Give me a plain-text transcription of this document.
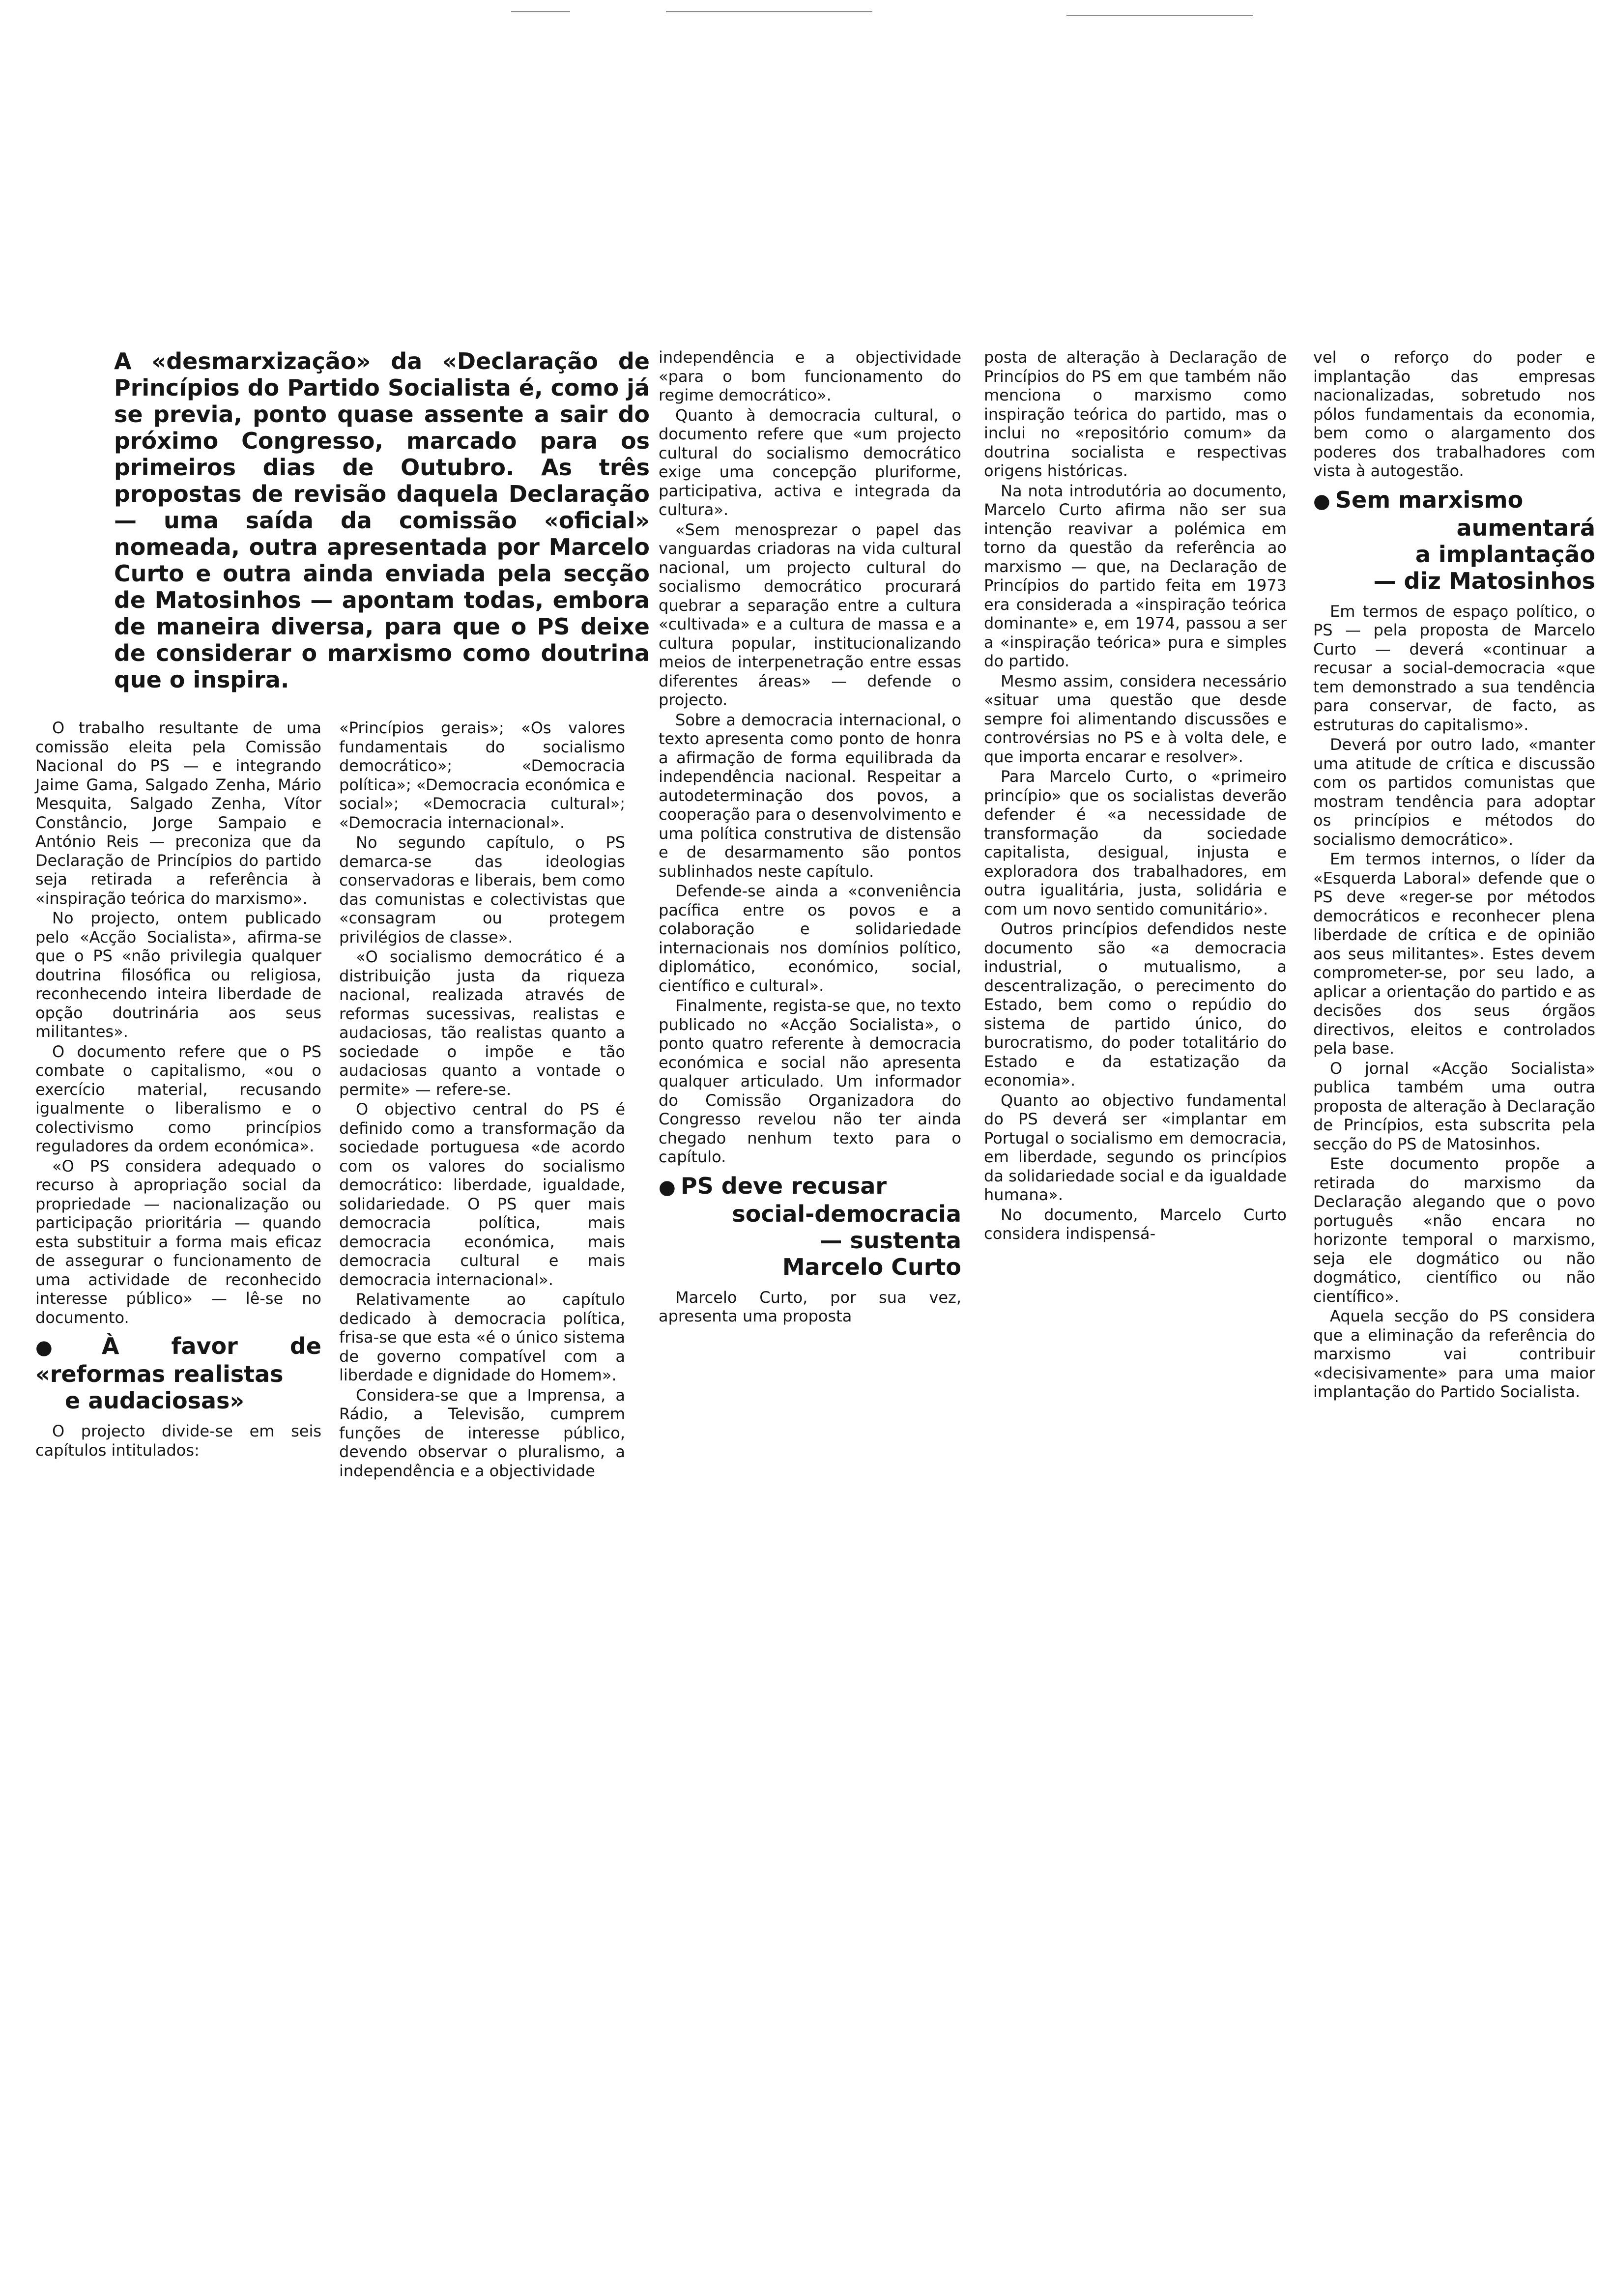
A «desmarxização» da «Declaração de Princípios do Partido Socialista é, como já se previa, ponto quase assente a sair do próximo Congresso, marcado para os primeiros dias de Outubro. As três propostas de revisão daquela Declaração — uma saída da comissão «oficial» nomeada, outra apresentada por Marcelo Curto e outra ainda enviada pela secção de Matosinhos — apontam todas, embora de maneira diversa, para que o PS deixe de considerar o marxismo como doutrina que o inspira.

O trabalho resultante de uma comissão eleita pela Comissão Nacional do PS — e integrando Jaime Gama, Salgado Zenha, Mário Mesquita, Salgado Zenha, Vítor Constâncio, Jorge Sampaio e António Reis — preconiza que da Declaração de Princípios do partido seja retirada a referência à «inspiração teórica do marxismo».

No projecto, ontem publicado pelo «Acção Socialista», afirma-se que o PS «não privilegia qualquer doutrina filosófica ou religiosa, reconhecendo inteira liberdade de opção doutrinária aos seus militantes».

O documento refere que o PS combate o capitalismo, «ou o exercício material, recusando igualmente o liberalismo e o colectivismo como princípios reguladores da ordem económica».

«O PS considera adequado o recurso à apropriação social da propriedade — nacionalização ou participação prioritária — quando esta substituir a forma mais eficaz de assegurar o funcionamento de uma actividade de reconhecido interesse público» — lê-se no documento.

● À favor de «reformas realistas
e audaciosas»

O projecto divide-se em seis capítulos intitulados:

«Princípios gerais»; «Os valores fundamentais do socialismo democrático»; «Democracia política»; «Democracia económica e social»; «Democracia cultural»; «Democracia internacional».

No segundo capítulo, o PS demarca-se das ideologias conservadoras e liberais, bem como das comunistas e colectivistas que «consagram ou protegem privilégios de classe».

«O socialismo democrático é a distribuição justa da riqueza nacional, realizada através de reformas sucessivas, realistas e audaciosas, tão realistas quanto a sociedade o impõe e tão audaciosas quanto a vontade o permite» — refere-se.

O objectivo central do PS é definido como a transformação da sociedade portuguesa «de acordo com os valores do socialismo democrático: liberdade, igualdade, solidariedade. O PS quer mais democracia política, mais democracia económica, mais democracia cultural e mais democracia internacional».

Relativamente ao capítulo dedicado à democracia política, frisa-se que esta «é o único sistema de governo compatível com a liberdade e dignidade do Homem».

Considera-se que a Imprensa, a Rádio, a Televisão, cumprem funções de interesse público, devendo observar o pluralismo, a independência e a objectividade

independência e a objectividade «para o bom funcionamento do regime democrático».

Quanto à democracia cultural, o documento refere que «um projecto cultural do socialismo democrático exige uma concepção pluriforme, participativa, activa e integrada da cultura».

«Sem menosprezar o papel das vanguardas criadoras na vida cultural nacional, um projecto cultural do socialismo democrático procurará quebrar a separação entre a cultura «cultivada» e a cultura de massa e a cultura popular, institucionalizando meios de interpenetração entre essas diferentes áreas» — defende o projecto.

Sobre a democracia internacional, o texto apresenta como ponto de honra a afirmação de forma equilibrada da independência nacional. Respeitar a autodeterminação dos povos, a cooperação para o desenvolvimento e uma política construtiva de distensão e de desarmamento são pontos sublinhados neste capítulo.

Defende-se ainda a «conveniência pacífica entre os povos e a colaboração e solidariedade internacionais nos domínios político, diplomático, económico, social, científico e cultural».

Finalmente, regista-se que, no texto publicado no «Acção Socialista», o ponto quatro referente à democracia económica e social não apresenta qualquer articulado. Um informador do Comissão Organizadora do Congresso revelou não ter ainda chegado nenhum texto para o capítulo.

● PS deve recusar
social-democracia
— sustenta
Marcelo Curto

Marcelo Curto, por sua vez, apresenta uma proposta

posta de alteração à Declaração de Princípios do PS em que também não menciona o marxismo como inspiração teórica do partido, mas o inclui no «repositório comum» da doutrina socialista e respectivas origens históricas.

Na nota introdutória ao documento, Marcelo Curto afirma não ser sua intenção reavivar a polémica em torno da questão da referência ao marxismo — que, na Declaração de Princípios do partido feita em 1973 era considerada a «inspiração teórica dominante» e, em 1974, passou a ser a «inspiração teórica» pura e simples do partido.

Mesmo assim, considera necessário «situar uma questão que desde sempre foi alimentando discussões e controvérsias no PS e à volta dele, e que importa encarar e resolver».

Para Marcelo Curto, o «primeiro princípio» que os socialistas deverão defender é «a necessidade de transformação da sociedade capitalista, desigual, injusta e exploradora dos trabalhadores, em outra igualitária, justa, solidária e com um novo sentido comunitário».

Outros princípios defendidos neste documento são «a democracia industrial, o mutualismo, a descentralização, o perecimento do Estado, bem como o repúdio do sistema de partido único, do burocratismo, do poder totalitário do Estado e da estatização da economia».

Quanto ao objectivo fundamental do PS deverá ser «implantar em Portugal o socialismo em democracia, em liberdade, segundo os princípios da solidariedade social e da igualdade humana».

No documento, Marcelo Curto considera indispensá-

vel o reforço do poder e implantação das empresas nacionalizadas, sobretudo nos pólos fundamentais da economia, bem como o alargamento dos poderes dos trabalhadores com vista à autogestão.

● Sem marxismo
aumentará
a implantação
— diz Matosinhos

Em termos de espaço político, o PS — pela proposta de Marcelo Curto — deverá «continuar a recusar a social-democracia «que tem demonstrado a sua tendência para conservar, de facto, as estruturas do capitalismo».

Deverá por outro lado, «manter uma atitude de crítica e discussão com os partidos comunistas que mostram tendência para adoptar os princípios e métodos do socialismo democrático».

Em termos internos, o líder da «Esquerda Laboral» defende que o PS deve «reger-se por métodos democráticos e reconhecer plena liberdade de crítica e de opinião aos seus militantes». Estes devem comprometer-se, por seu lado, a aplicar a orientação do partido e as decisões dos seus órgãos directivos, eleitos e controlados pela base.

O jornal «Acção Socialista» publica também uma outra proposta de alteração à Declaração de Princípios, esta subscrita pela secção do PS de Matosinhos.

Este documento propõe a retirada do marxismo da Declaração alegando que o povo português «não encara no horizonte temporal o marxismo, seja ele dogmático ou não dogmático, científico ou não científico».

Aquela secção do PS considera que a eliminação da referência do marxismo vai contribuir «decisivamente» para uma maior implantação do Partido Socialista.
